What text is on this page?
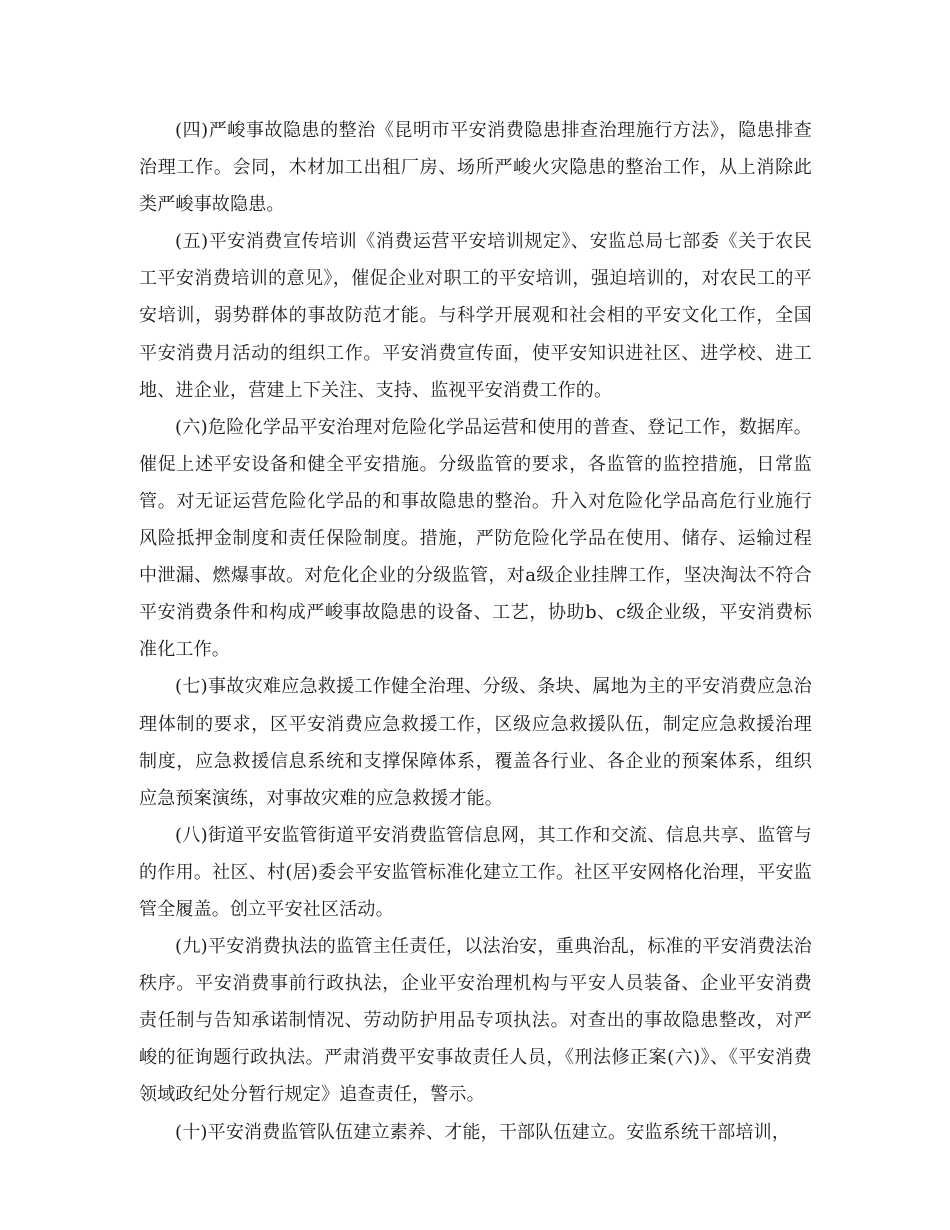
(四)严峻事故隐患的整治《昆明市平安消费隐患排查治理施行方法》，隐患排查治理工作。会同，木材加工出租厂房、场所严峻火灾隐患的整治工作，从上消除此类严峻事故隐患。

(五)平安消费宣传培训《消费运营平安培训规定》、安监总局七部委《关于农民工平安消费培训的意见》，催促企业对职工的平安培训，强迫培训的，对农民工的平安培训，弱势群体的事故防范才能。与科学开展观和社会相的平安文化工作，全国平安消费月活动的组织工作。平安消费宣传面，使平安知识进社区、进学校、进工地、进企业，营建上下关注、支持、监视平安消费工作的。

(六)危险化学品平安治理对危险化学品运营和使用的普查、登记工作，数据库。催促上述平安设备和健全平安措施。分级监管的要求，各监管的监控措施，日常监管。对无证运营危险化学品的和事故隐患的整治。升入对危险化学品高危行业施行风险抵押金制度和责任保险制度。措施，严防危险化学品在使用、储存、运输过程中泄漏、燃爆事故。对危化企业的分级监管，对a级企业挂牌工作，坚决淘汰不符合平安消费条件和构成严峻事故隐患的设备、工艺，协助b、c级企业级，平安消费标准化工作。

(七)事故灾难应急救援工作健全治理、分级、条块、属地为主的平安消费应急治理体制的要求，区平安消费应急救援工作，区级应急救援队伍，制定应急救援治理制度，应急救援信息系统和支撑保障体系，覆盖各行业、各企业的预案体系，组织应急预案演练，对事故灾难的应急救援才能。

(八)街道平安监管街道平安消费监管信息网，其工作和交流、信息共享、监管与的作用。社区、村(居)委会平安监管标准化建立工作。社区平安网格化治理，平安监管全履盖。创立平安社区活动。

(九)平安消费执法的监管主任责任，以法治安，重典治乱，标准的平安消费法治秩序。平安消费事前行政执法，企业平安治理机构与平安人员装备、企业平安消费责任制与告知承诺制情况、劳动防护用品专项执法。对查出的事故隐患整改，对严峻的征询题行政执法。严肃消费平安事故责任人员，《刑法修正案(六)》、《平安消费领域政纪处分暂行规定》追查责任，警示。

(十)平安消费监管队伍建立素养、才能，干部队伍建立。安监系统干部培训，
